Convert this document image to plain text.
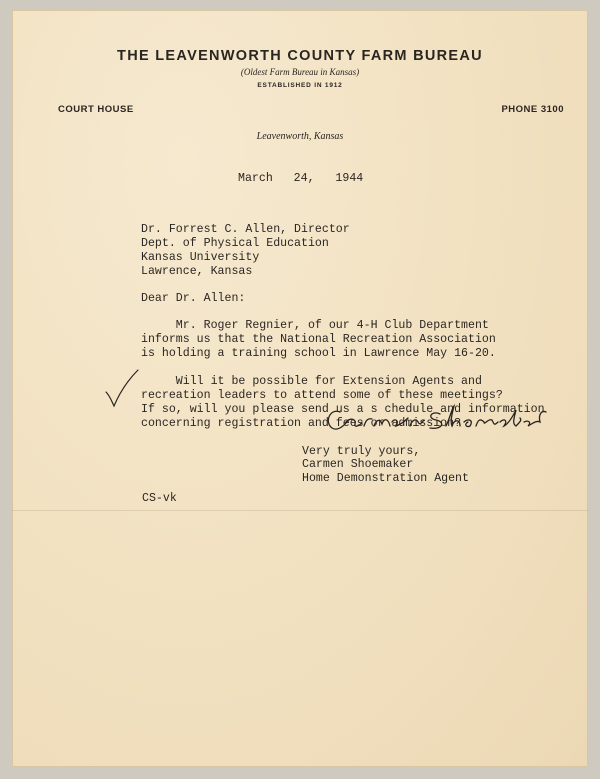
THE LEAVENWORTH COUNTY FARM BUREAU
(Oldest Farm Bureau in Kansas)
ESTABLISHED IN 1912
COURT HOUSE	PHONE 3100
Leavenworth, Kansas
March   24,   1944
Dr. Forrest C. Allen, Director
Dept. of Physical Education
Kansas University
Lawrence, Kansas
Dear Dr. Allen:
Mr. Roger Regnier, of our 4-H Club Department
informs us that the National Recreation Association
is holding a training school in Lawrence May 16-20.
Will it be possible for Extension Agents and
recreation leaders to attend some of these meetings?
If so, will you please send us a s chedule and information
concerning registration and fees or admission?
Very truly yours,
Carmen Shoemaker
Home Demonstration Agent
CS-vk
